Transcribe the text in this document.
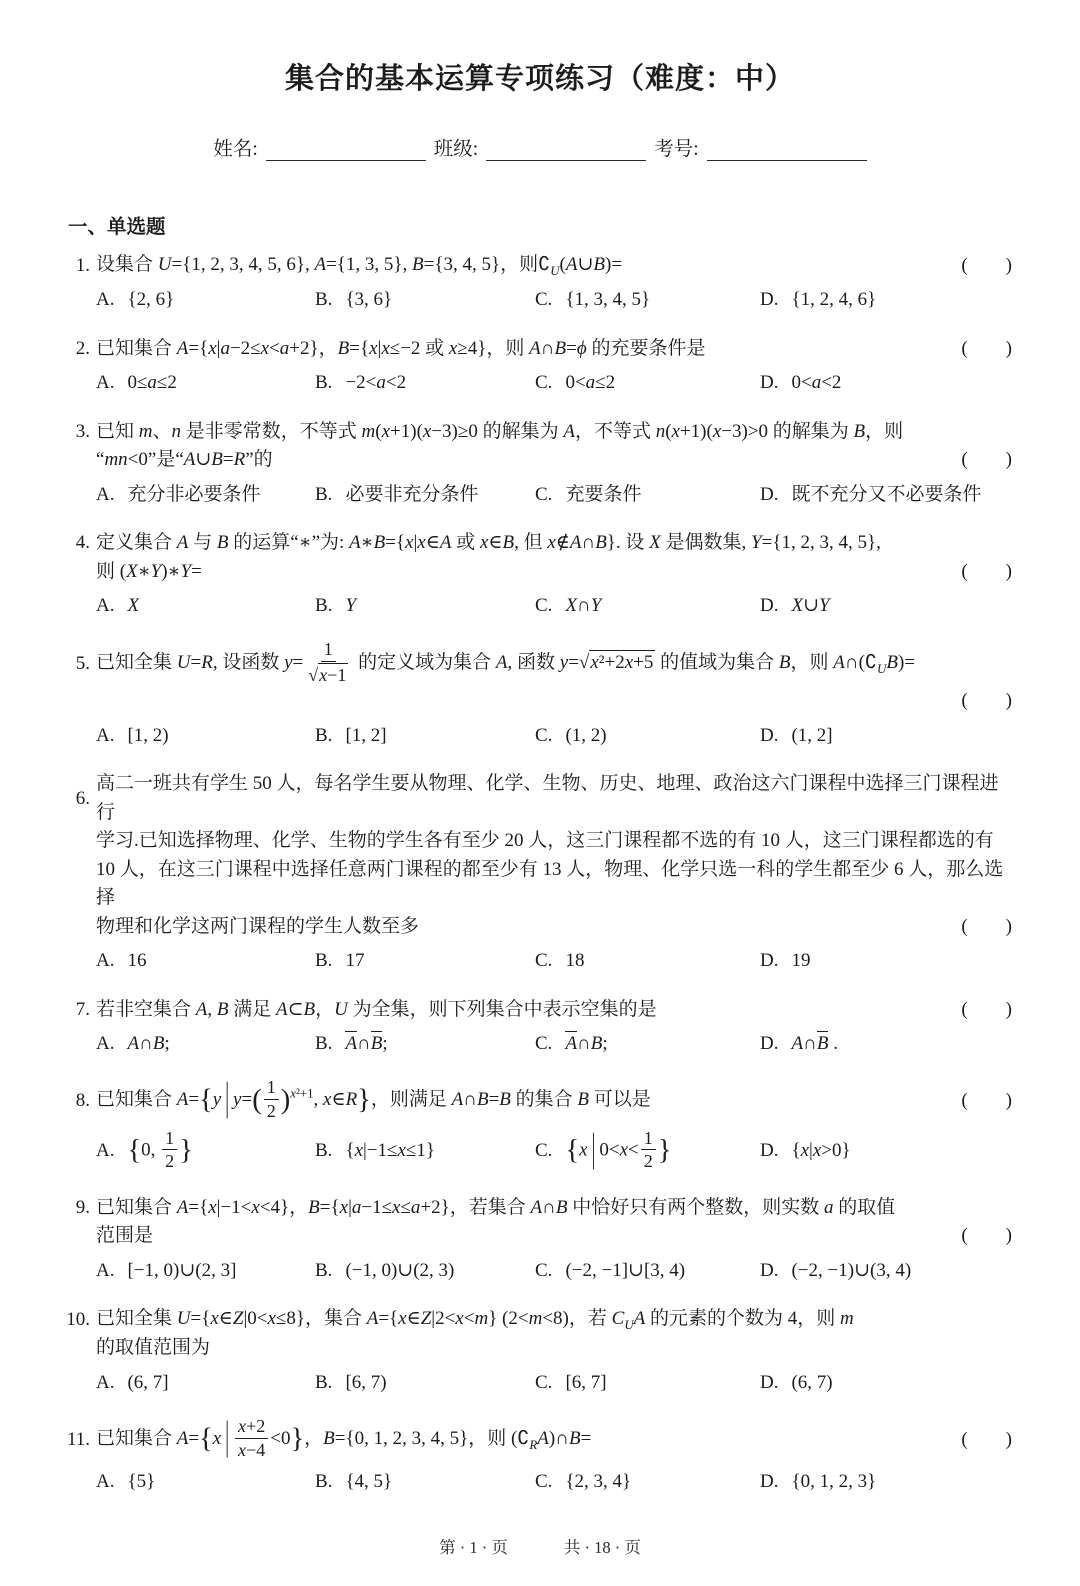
集合的基本运算专项练习（难度：中）
姓名:	班级:	考号:
一、单选题
1. 设集合 U={1, 2, 3, 4, 5, 6}, A={1, 3, 5}, B={3, 4, 5}，则$∁_U(A\cup B)=$	(  )
A. {2, 6}	B. {3, 6}	C. {1, 3, 4, 5}	D. {1, 2, 4, 6}
2. 已知集合 A={x|a−2≤x<a+2}，B={x|x≤−2 或 x≥4}，则 A∩B=ϕ 的充要条件是	(  )
A. 0≤a≤2	B. −2<a<2	C. 0<a≤2	D. 0<a<2
3. 已知 m、n 是非零常数，不等式 m(x+1)(x−3)≥0 的解集为 A，不等式 n(x+1)(x−3)>0 的解集为 B，则
“mn<0”是“A∪B=R”的	(  )
A. 充分非必要条件	B. 必要非充分条件	C. 充要条件	D. 既不充分又不必要条件
4. 定义集合 A 与 B 的运算“∗”为: A∗B={x|x∈A 或 x∈B, 但 x∉A∩B}. 设 X 是偶数集, Y={1, 2, 3, 4, 5},
则 (X∗Y)∗Y=	(  )
A. X	B. Y	C. X∩Y	D. X∪Y
5. 已知全集 U=R, 设函数 $y= \frac{1}{√x-1}$ 的定义域为集合 A, 函数 y=√x²+2x+5 的值域为集合 B，则 $A\cap(∁_UB)=$
(  )
A. [1, 2)	B. [1, 2]	C. (1, 2)	D. (1, 2]
6.
高二一班共有学生 50 人，每名学生要从物理、化学、生物、历史、地理、政治这六门课程中选择三门课程进行
学习.已知选择物理、化学、生物的学生各有至少 20 人，这三门课程都不选的有 10 人，这三门课程都选的有
10 人，在这三门课程中选择任意两门课程的都至少有 13 人，物理、化学只选一科的学生都至少 6 人，那么选择
物理和化学这两门课程的学生人数至多	(  )
A. 16	B. 17	C. 18	D. 19
7. 若非空集合 A, B 满足 A⊂B，U 为全集，则下列集合中表示空集的是	(  )
A. A∩B;	B. A∩B;	C. A∩B;	D. A∩B .
8. 已知集合 A={y | $y=( \frac{1}{2} )^{x^2+1}$, x∈R}，则满足 A∩B=B 的集合 B 可以是	(  )
A. {0, $\frac{1}{2}$ }	B. {x|−1≤x≤1}	C. {x | $0<x< \frac{1}{2}$ }	D. {x|x>0}
9. 已知集合 A={x|−1<x<4}，B={x|a−1≤x≤a+2}，若集合 A∩B 中恰好只有两个整数，则实数 a 的取值
范围是	(  )
A. [−1, 0)∪(2, 3]	B. (−1, 0)∪(2, 3)	C. (−2, −1]∪[3, 4)	D. (−2, −1)∪(3, 4)
10. 已知全集 U={x∈Z|0<x≤8}，集合 A={x∈Z|2<x<m} (2<m<8)，若 $C_UA$ 的元素的个数为 4，则 m
的取值范围为
A. (6, 7]	B. [6, 7)	C. [6, 7]	D. (6, 7)
11. 已知集合 A={x | $\frac{x+2}{x-4} <0$}，B={0, 1, 2, 3, 4, 5}，则 $(∁_RA)\cap B=$	(  )
A. {5}	B. {4, 5}	C. {2, 3, 4}	D. {0, 1, 2, 3}
第 · 1 · 页	共 · 18 · 页
